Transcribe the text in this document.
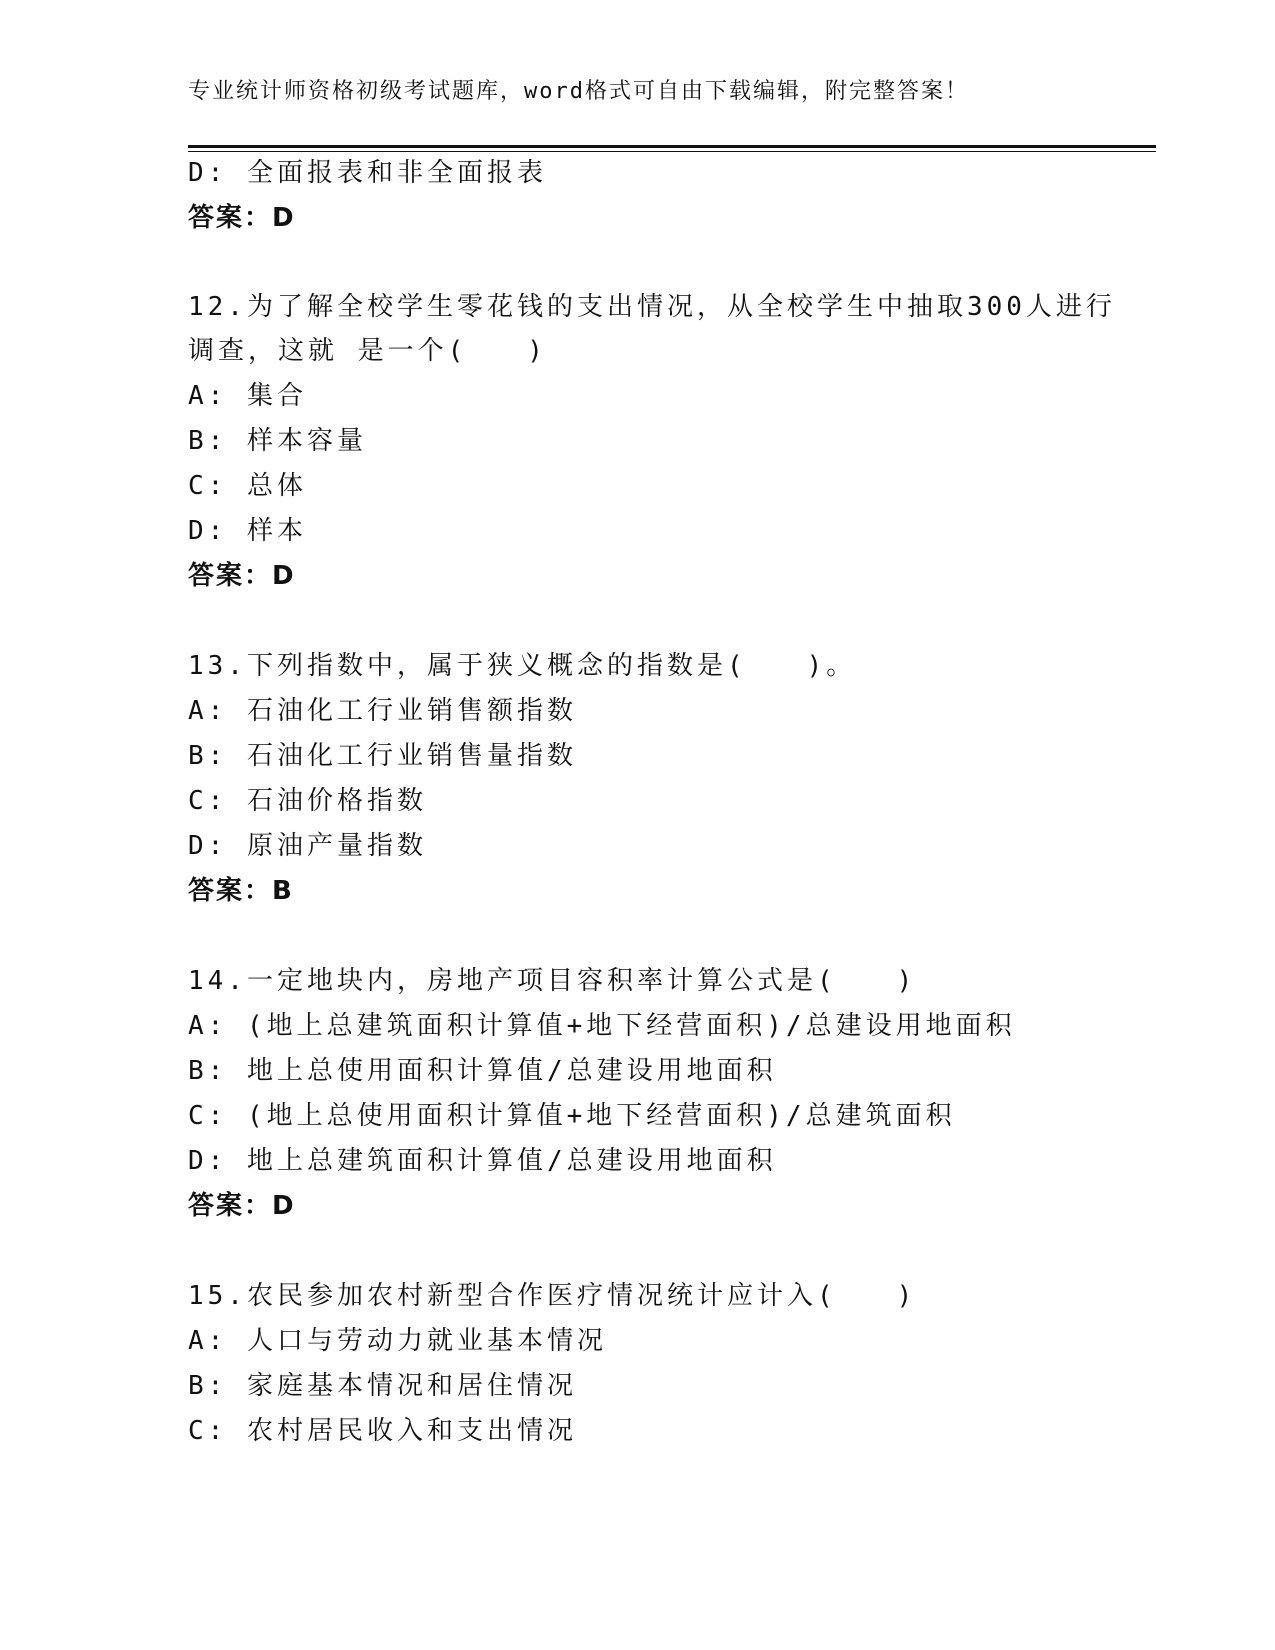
专业统计师资格初级考试题库，word格式可自由下载编辑，附完整答案！
D: 全面报表和非全面报表
答案：D
12.为了解全校学生零花钱的支出情况，从全校学生中抽取300人进行
调查，这就 是一个(　　)
A: 集合
B: 样本容量
C: 总体
D: 样本
答案：D
13.下列指数中，属于狭义概念的指数是(　　)。
A: 石油化工行业销售额指数
B: 石油化工行业销售量指数
C: 石油价格指数
D: 原油产量指数
答案：B
14.一定地块内，房地产项目容积率计算公式是(　　)
A: (地上总建筑面积计算值+地下经营面积)/总建设用地面积
B: 地上总使用面积计算值/总建设用地面积
C: (地上总使用面积计算值+地下经营面积)/总建筑面积
D: 地上总建筑面积计算值/总建设用地面积
答案：D
15.农民参加农村新型合作医疗情况统计应计入(　　)
A: 人口与劳动力就业基本情况
B: 家庭基本情况和居住情况
C: 农村居民收入和支出情况
